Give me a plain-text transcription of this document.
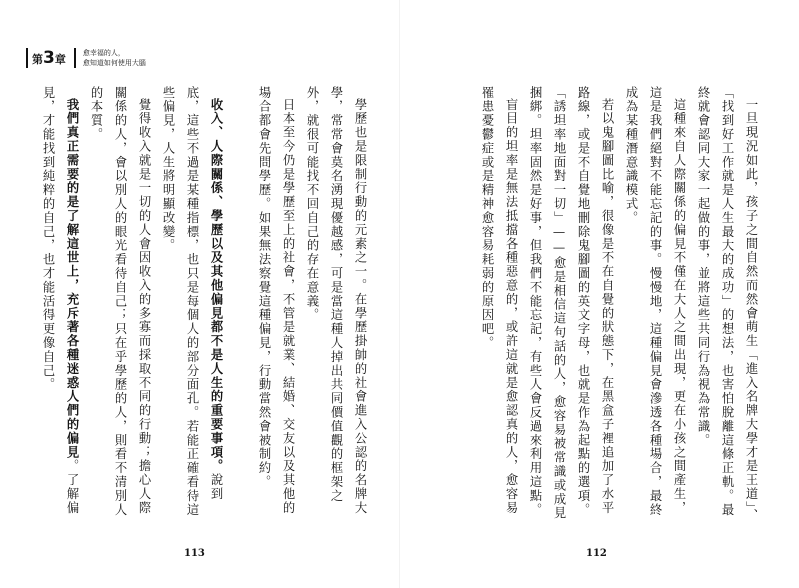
第3章	愈幸福的人，
愈知道如何使用大腦

一旦現況如此，孩子之間自然而然會萌生「進入名牌大學才是王道」、「找到好工作就是人生最大的成功」的想法，也害怕脫離這條正軌。最終就會認同大家一起做的事，並將這些共同行為視為常識。

這種來自人際關係的偏見不僅在大人之間出現，更在小孩之間產生，這是我們絕對不能忘記的事。慢慢地，這種偏見會滲透各種場合，最終成為某種潛意識模式。

若以鬼腳圖比喻，很像是不在自覺的狀態下，在黑盒子裡追加了水平路線，或是不自覺地刪除鬼腳圖的英文字母，也就是作為起點的選項。

「誘坦率地面對一切」——愈是相信這句話的人，愈容易被常識或成見捆綁。坦率固然是好事，但我們不能忘記，有些人會反過來利用這點。

盲目的坦率是無法抵擋各種惡意的，或許這就是愈認真的人，愈容易罹患憂鬱症或是精神愈容易耗弱的原因吧。

學歷也是限制行動的元素之一。在學歷掛帥的社會進入公認的名牌大學，常常會莫名湧現優越感，可是當這種人掉出共同價值觀的框架之外，就很可能找不回自己的存在意義。

日本至今仍是學歷至上的社會，不管是就業、結婚、交友以及其他的場合都會先問學歷。如果無法察覺這種偏見，行動當然會被制約。

收入、人際關係、學歷以及其他偏見都不是人生的重要事項。說到底，這些不過是某種指標，也只是每個人的部分面孔。若能正確看待這些偏見，人生將明顯改變。

覺得收入就是一切的人會因收入的多寡而採取不同的行動；擔心人際關係的人，會以別人的眼光看待自己；只在乎學歷的人，則看不清別人的本質。

我們真正需要的是了解這世上，充斥著各種迷惑人們的偏見。了解偏見，才能找到純粹的自己，也才能活得更像自己。

113	112
